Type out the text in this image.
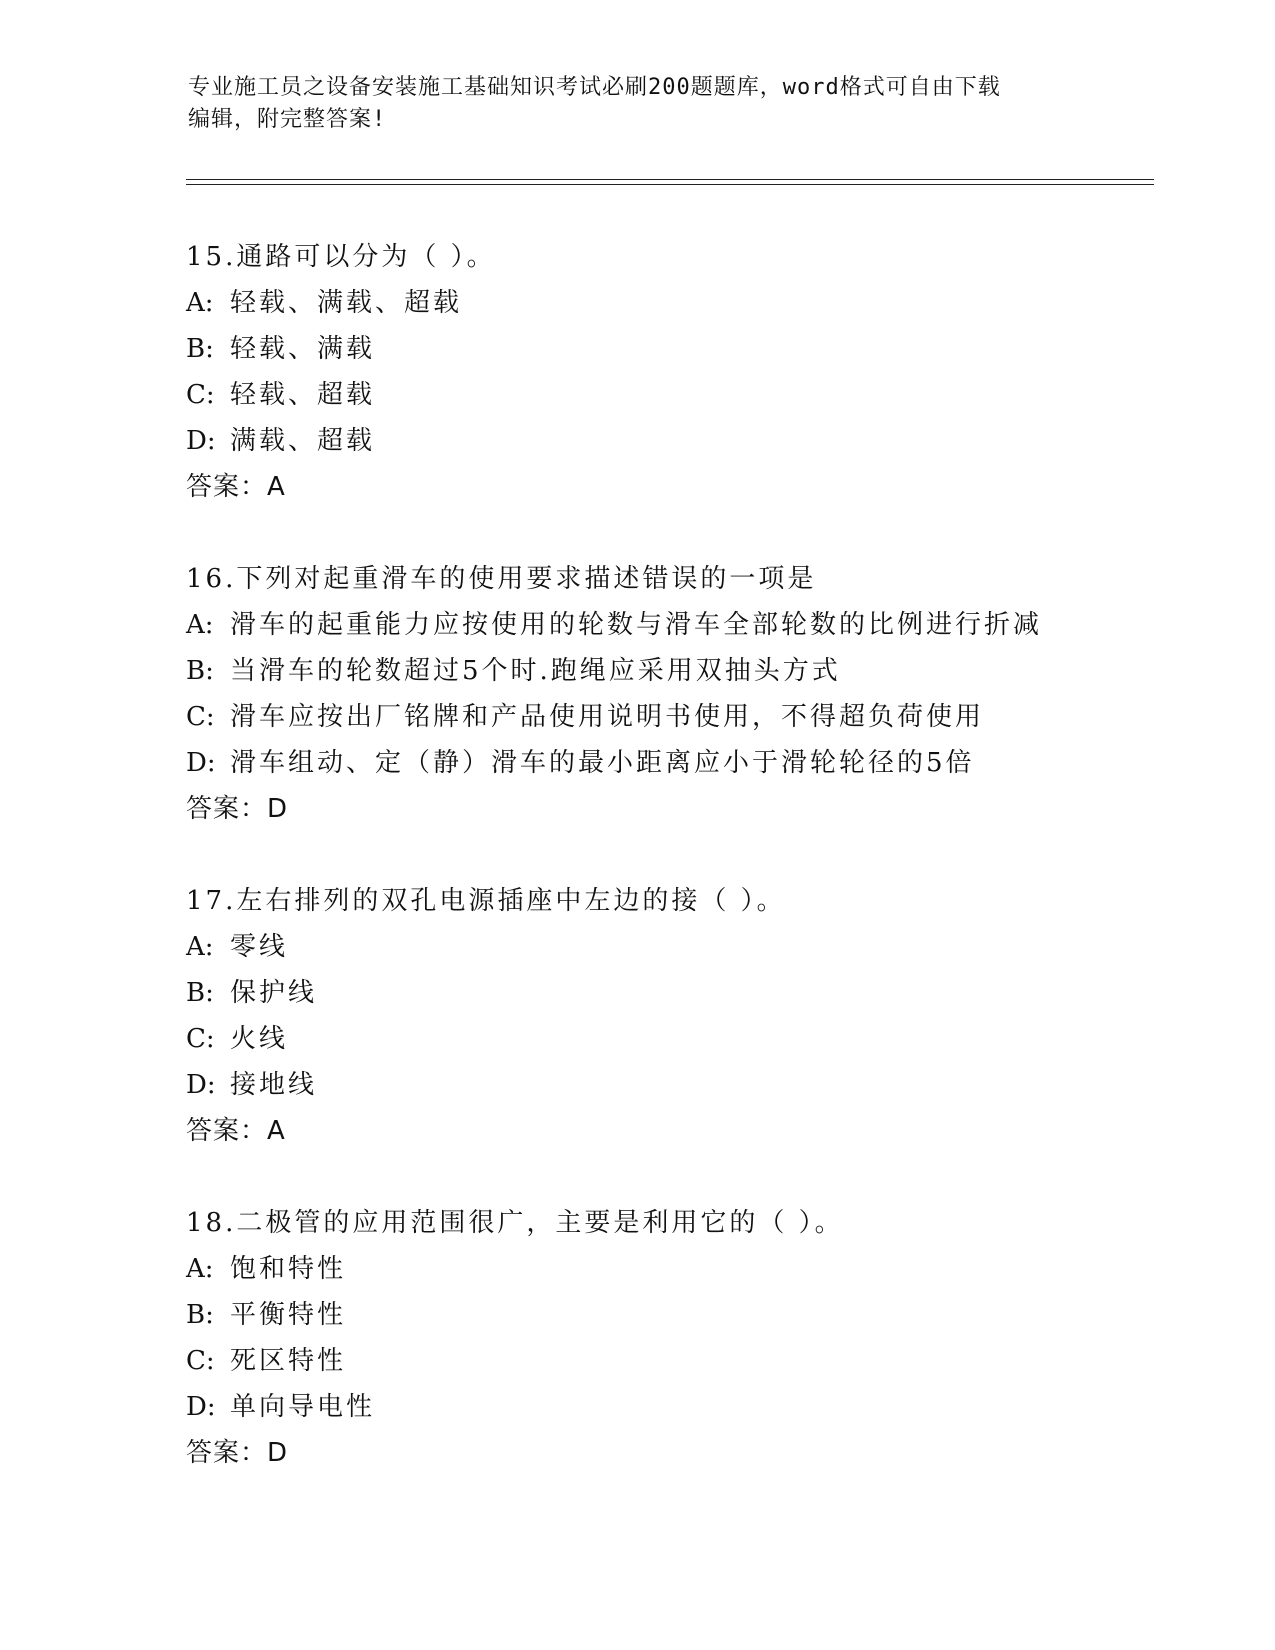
专业施工员之设备安装施工基础知识考试必刷200题题库，word格式可自由下载
编辑，附完整答案!
15.通路可以分为（ ）。
A: 轻载、满载、超载
B: 轻载、满载
C: 轻载、超载
D: 满载、超载
答案：A
16.下列对起重滑车的使用要求描述错误的一项是
A: 滑车的起重能力应按使用的轮数与滑车全部轮数的比例进行折减
B: 当滑车的轮数超过5个时.跑绳应采用双抽头方式
C: 滑车应按出厂铭牌和产品使用说明书使用，不得超负荷使用
D: 滑车组动、定（静）滑车的最小距离应小于滑轮轮径的5倍
答案：D
17.左右排列的双孔电源插座中左边的接（ ）。
A: 零线
B: 保护线
C: 火线
D: 接地线
答案：A
18.二极管的应用范围很广，主要是利用它的（ ）。
A: 饱和特性
B: 平衡特性
C: 死区特性
D: 单向导电性
答案：D
